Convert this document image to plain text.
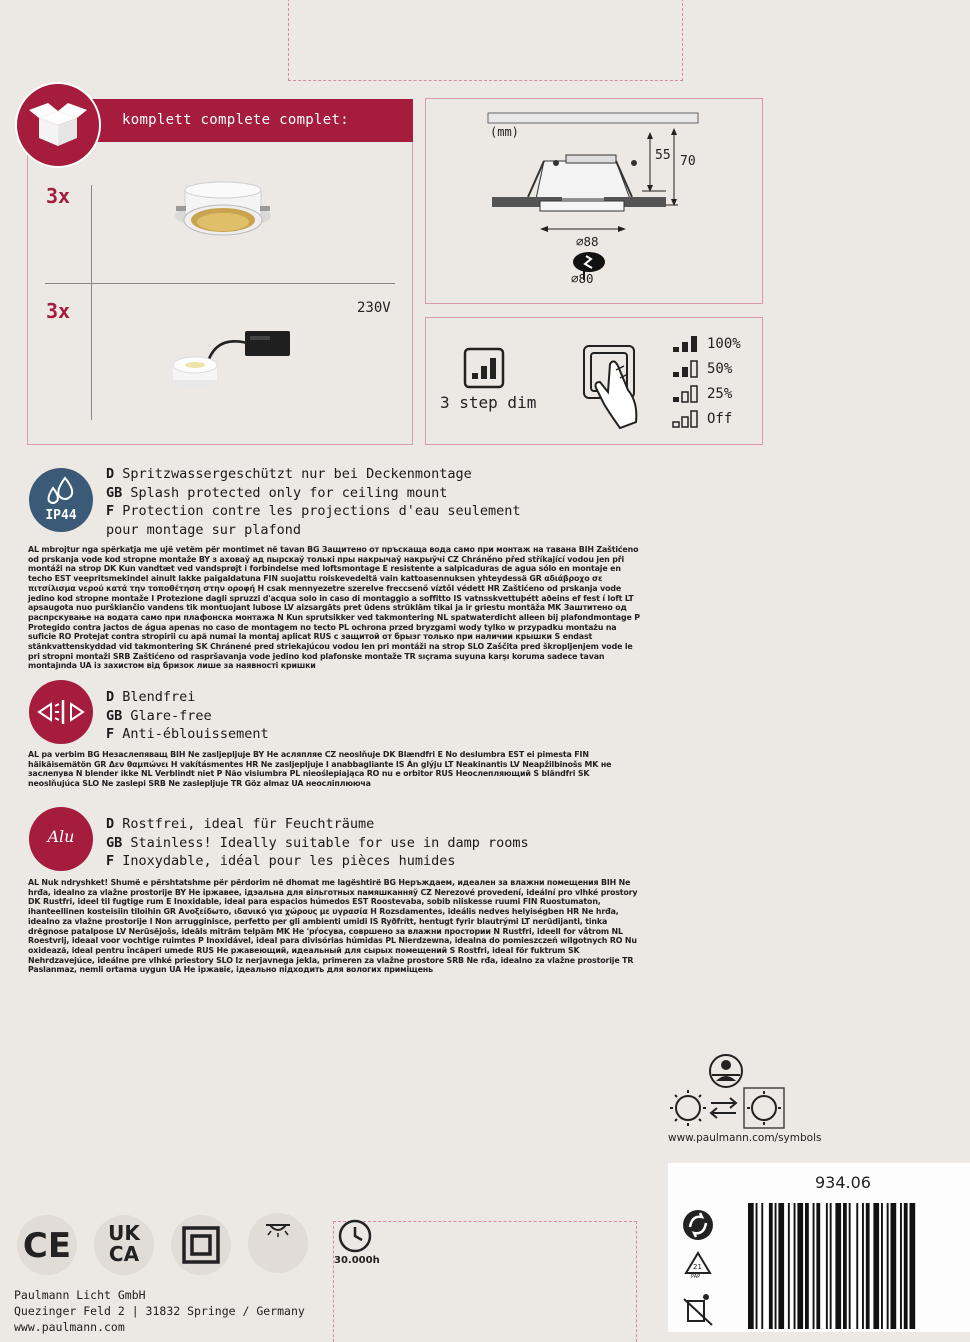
komplett complete complet:
3x
3x	230V
(mm)
55 70
⌀88
⌀80
3 step dim
100%
50%
25%
Off
IP44
D Spritzwassergeschützt nur bei Deckenmontage
GB Splash protected only for ceiling mount
F Protection contre les projections d'eau seulement
pour montage sur plafond
AL mbrojtur nga spërkatja me ujë vetëm për montimet në tavan BG Защитено от пръскаща вода само при монтаж на тавана BIH Zaštićeno od prskanja vode kod stropne montaže BY з аховаў ад пырскаў толькі пры накрычаў накрыўчі CZ Chráněno před stříkající vodou jen při montáži na strop DK Kun vandtæt ved vandsprøjt i forbindelse med loftsmontage E resistente a salpicaduras de agua sólo en montaje en techo EST veepritsmekindel ainult lakke paigaldatuna FIN suojattu roiskevedeltä vain kattoasennuksen yhteydessä GR αδιάβροχο σε πιτσίλισμα νερού κατά την τοποθέτηση στην οροφή H csak mennyezetre szerelve freccsenő víztől védett HR Zaštićeno od prskanja vode jedino kod stropne montaže I Protezione dagli spruzzi d'acqua solo in caso di montaggio a soffitto IS vatnsskvettuþétt aðeins ef fest í loft LT apsaugota nuo purškiančio vandens tik montuojant lubose LV aizsargāts pret ūdens strūklām tikai ja ir griestu montāža MK Заштитено од распрскување на водата само при плафонска монтажа N Kun sprutsikker ved takmontering NL spatwaterdicht alleen bij plafondmontage P Protegido contra jactos de água apenas no caso de montagem no tecto PL ochrona przed bryzgami wody tylko w przypadku montażu na suficie RO Protejat contra stropirii cu apă numai la montaj aplicat RUS с защитой от брызг только при наличии крышки S endast stänkvattenskyddad vid takmontering SK Chránené pred striekajúcou vodou len pri montáži na strop SLO Zaščita pred škropljenjem vode le pri stropni montaži SRB Zaštićeno od raspršavanja vode jedino kod plafonske montaže TR sıçrama suyuna karşı koruma sadece tavan montajında UA із захистом від бризок лише за наявності кришки
D Blendfrei
GB Glare-free
F Anti-éblouissement
AL pa verbim BG Незаслепяващ BIH Ne zasljepljuje BY Не асляпляе CZ neoslňuje DK Blændfri E No deslumbra EST ei pimesta FIN häikäisemätön GR Δεν θαμπώνει H vakításmentes HR Ne zasljepljuje I anabbagliante IS Án glýju LT Neakinantis LV Neapžilbinošs MK не заслепува N blender ikke NL Verblindt niet P Não visiumbra PL nieoślepiająca RO nu e orbitor RUS Неослепляющий S bländfri SK neoslňujúca SLO Ne zaslepi SRB Ne zaslepljuje TR Göz almaz UA неосліплююча
Alu
D Rostfrei, ideal für Feuchträume
GB Stainless! Ideally suitable for use in damp rooms
F Inoxydable, idéal pour les pièces humides
AL Nuk ndryshket! Shumë e përshtatshme për përdorim në dhomat me lagështirë BG Неръждаем, идеален за влажни помещения BIH Ne hrđa, idealno za vlažne prostorije BY Не іржавее, ідэальна для вільготных памяшканняў CZ Nerezové provedení, ideální pro vlhké prostory DK Rustfri, ideel til fugtige rum E Inoxidable, ideal para espacios húmedos EST Roostevaba, sobib niiskesse ruumi FIN Ruostumaton, ihanteellinen kosteisiin tiloihin GR Ανοξείδωτο, ιδανικό για χώρους με υγρασία H Rozsdamentes, ideális nedves helyiségben HR Ne hrđa, idealno za vlažne prostorije I Non arrugginisce, perfetto per gli ambienti umidi IS Ryðfrítt, hentugt fyrir blautrými LT nerūdijanti, tinka drėgnose patalpose LV Nerūsējošs, ideāls mitrām telpām MK Не 'рѓосува, совршено за влажни простории N Rustfri, ideell for våtrom NL Roestvrij, ideaal voor vochtige ruimtes P Inoxidável, ideal para divisórias húmidas PL Nierdzewna, idealna do pomieszczeń wilgotnych RO Nu oxidează, ideal pentru încăperi umede RUS Не ржавеющий, идеальный для сырых помещений S Rostfri, ideal för fuktrum SK Nehrdzavejúce, ideálne pre vlhké priestory SLO Iz nerjavnega jekla, primeren za vlažne prostore SRB Ne rđa, idealno za vlažne prostorije TR Paslanmaz, nemli ortama uygun UA Не іржавіє, ідеально підходить для вологих приміщень
www.paulmann.com/symbols
934.06
21
PAP
CE	UK
CA	30.000h
Paulmann Licht GmbH
Quezinger Feld 2 | 31832 Springe / Germany
www.paulmann.com
